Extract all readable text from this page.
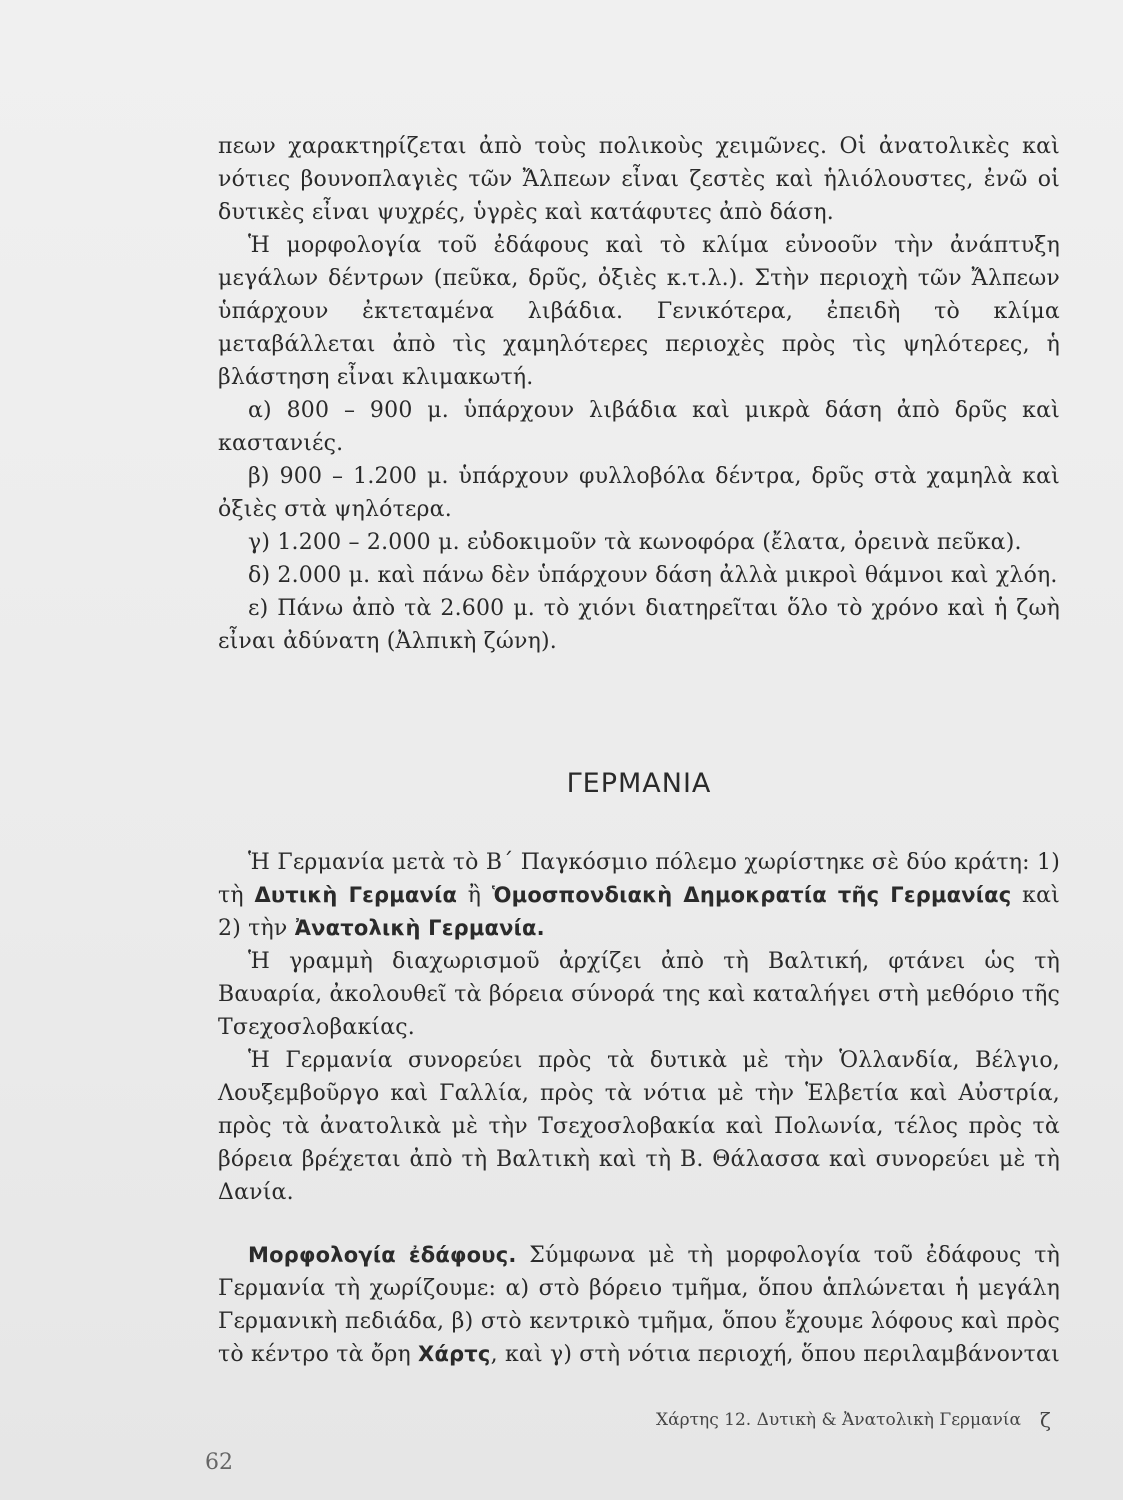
πεων χαρακτηρίζεται ἀπὸ τοὺς πολικοὺς χειμῶνες. Οἱ ἀνατολικὲς καὶ νότιες βουνοπλαγιὲς τῶν Ἄλπεων εἶναι ζεστὲς καὶ ἡλιόλουστες, ἐνῶ οἱ δυτικὲς εἶναι ψυχρές, ὑγρὲς καὶ κατάφυτες ἀπὸ δάση.

Ἡ μορφολογία τοῦ ἐδάφους καὶ τὸ κλίμα εὐνοοῦν τὴν ἀνάπτυξη μεγάλων δέντρων (πεῦκα, δρῦς, ὀξιὲς κ.τ.λ.). Στὴν περιοχὴ τῶν Ἄλπεων ὑπάρχουν ἐκτεταμένα λιβάδια. Γενικότερα, ἐπειδὴ τὸ κλίμα μεταβάλλεται ἀπὸ τὶς χαμηλότερες περιοχὲς πρὸς τὶς ψηλότερες, ἡ βλάστηση εἶναι κλιμακωτή.

α) 800 – 900 μ. ὑπάρχουν λιβάδια καὶ μικρὰ δάση ἀπὸ δρῦς καὶ καστανιές.

β) 900 – 1.200 μ. ὑπάρχουν φυλλοβόλα δέντρα, δρῦς στὰ χαμηλὰ καὶ ὀξιὲς στὰ ψηλότερα.

γ) 1.200 – 2.000 μ. εὐδοκιμοῦν τὰ κωνοφόρα (ἔλατα, ὀρεινὰ πεῦκα).

δ) 2.000 μ. καὶ πάνω δὲν ὑπάρχουν δάση ἀλλὰ μικροὶ θάμνοι καὶ χλόη.

ε) Πάνω ἀπὸ τὰ 2.600 μ. τὸ χιόνι διατηρεῖται ὅλο τὸ χρόνο καὶ ἡ ζωὴ εἶναι ἀδύνατη (Ἀλπικὴ ζώνη).

ΓΕΡΜΑΝΙΑ

Ἡ Γερμανία μετὰ τὸ Β΄ Παγκόσμιο πόλεμο χωρίστηκε σὲ δύο κράτη: 1) τὴ Δυτικὴ Γερμανία ἢ Ὁμοσπονδιακὴ Δημοκρατία τῆς Γερμανίας καὶ 2) τὴν Ἀνατολικὴ Γερμανία.

Ἡ γραμμὴ διαχωρισμοῦ ἀρχίζει ἀπὸ τὴ Βαλτική, φτάνει ὡς τὴ Βαυαρία, ἀκολουθεῖ τὰ βόρεια σύνορά της καὶ καταλήγει στὴ μεθόριο τῆς Τσεχοσλοβακίας.

Ἡ Γερμανία συνορεύει πρὸς τὰ δυτικὰ μὲ τὴν Ὁλλανδία, Βέλγιο, Λουξεμβοῦργο καὶ Γαλλία, πρὸς τὰ νότια μὲ τὴν Ἑλβετία καὶ Αὐστρία, πρὸς τὰ ἀνατολικὰ μὲ τὴν Τσεχοσλοβακία καὶ Πολωνία, τέλος πρὸς τὰ βόρεια βρέχεται ἀπὸ τὴ Βαλτικὴ καὶ τὴ Β. Θάλασσα καὶ συνορεύει μὲ τὴ Δανία.

Μορφολογία ἐδάφους. Σύμφωνα μὲ τὴ μορφολογία τοῦ ἐδάφους τὴ Γερμανία τὴ χωρίζουμε: α) στὸ βόρειο τμῆμα, ὅπου ἁπλώνεται ἡ μεγάλη Γερμανικὴ πεδιάδα, β) στὸ κεντρικὸ τμῆμα, ὅπου ἔχουμε λόφους καὶ πρὸς τὸ κέντρο τὰ ὄρη Χάρτς, καὶ γ) στὴ νότια περιοχή, ὅπου περιλαμβάνονται

Χάρτης 12. Δυτικὴ & Ἀνατολικὴ Γερμανία ζ
62
